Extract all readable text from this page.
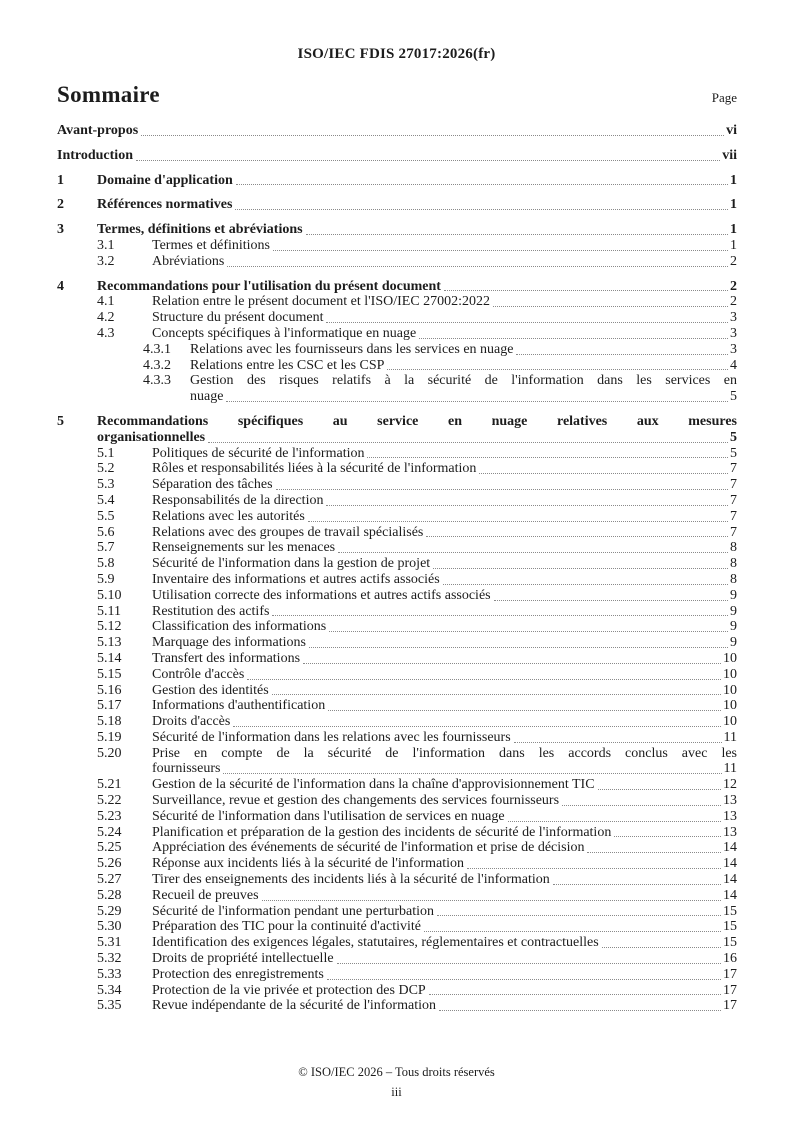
ISO/IEC FDIS 27017:2026(fr)
Sommaire	Page
Avant-propos	vi
Introduction	vii
1	Domaine d'application	1
2	Références normatives	1
3	Termes, définitions et abréviations	1
3.1	Termes et définitions	1
3.2	Abréviations	2
4	Recommandations pour l'utilisation du présent document	2
4.1	Relation entre le présent document et l'ISO/IEC 27002:2022	2
4.2	Structure du présent document	3
4.3	Concepts spécifiques à l'informatique en nuage	3
4.3.1	Relations avec les fournisseurs dans les services en nuage	3
4.3.2	Relations entre les CSC et les CSP	4
4.3.3	Gestion des risques relatifs à la sécurité de l'information dans les services en
nuage	5
5	Recommandations spécifiques au service en nuage relatives aux mesures
organisationnelles	5
5.1	Politiques de sécurité de l'information	5
5.2	Rôles et responsabilités liées à la sécurité de l'information	7
5.3	Séparation des tâches	7
5.4	Responsabilités de la direction	7
5.5	Relations avec les autorités	7
5.6	Relations avec des groupes de travail spécialisés	7
5.7	Renseignements sur les menaces	8
5.8	Sécurité de l'information dans la gestion de projet	8
5.9	Inventaire des informations et autres actifs associés	8
5.10	Utilisation correcte des informations et autres actifs associés	9
5.11	Restitution des actifs	9
5.12	Classification des informations	9
5.13	Marquage des informations	9
5.14	Transfert des informations	10
5.15	Contrôle d'accès	10
5.16	Gestion des identités	10
5.17	Informations d'authentification	10
5.18	Droits d'accès	10
5.19	Sécurité de l'information dans les relations avec les fournisseurs	11
5.20	Prise en compte de la sécurité de l'information dans les accords conclus avec les
fournisseurs	11
5.21	Gestion de la sécurité de l'information dans la chaîne d'approvisionnement TIC	12
5.22	Surveillance, revue et gestion des changements des services fournisseurs	13
5.23	Sécurité de l'information dans l'utilisation de services en nuage	13
5.24	Planification et préparation de la gestion des incidents de sécurité de l'information	13
5.25	Appréciation des événements de sécurité de l'information et prise de décision	14
5.26	Réponse aux incidents liés à la sécurité de l'information	14
5.27	Tirer des enseignements des incidents liés à la sécurité de l'information	14
5.28	Recueil de preuves	14
5.29	Sécurité de l'information pendant une perturbation	15
5.30	Préparation des TIC pour la continuité d'activité	15
5.31	Identification des exigences légales, statutaires, réglementaires et contractuelles	15
5.32	Droits de propriété intellectuelle	16
5.33	Protection des enregistrements	17
5.34	Protection de la vie privée et protection des DCP	17
5.35	Revue indépendante de la sécurité de l'information	17
© ISO/IEC 2026 – Tous droits réservés
iii
